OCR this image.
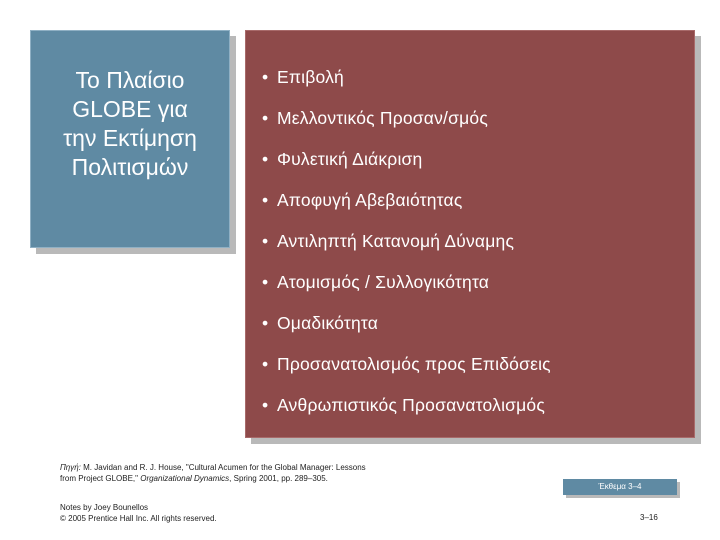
Το Πλαίσιο
GLOBE για
την Εκτίμηση
Πολιτισμών
• Επιβολή
• Μελλοντικός Προσαν/σμός
• Φυλετική Διάκριση
• Αποφυγή Αβεβαιότητας
• Αντιληπτή Κατανομή Δύναμης
• Ατομισμός / Συλλογικότητα
• Ομαδικότητα
• Προσανατολισμός προς Επιδόσεις
• Ανθρωπιστικός Προσανατολισμός
Πηγή: M. Javidan and R. J. House, "Cultural Acumen for the Global Manager: Lessons
from Project GLOBE," Organizational Dynamics, Spring 2001, pp. 289–305.
Έκθεμα 3–4
Notes by Joey Bounellos
© 2005 Prentice Hall Inc. All rights reserved.	3–16
